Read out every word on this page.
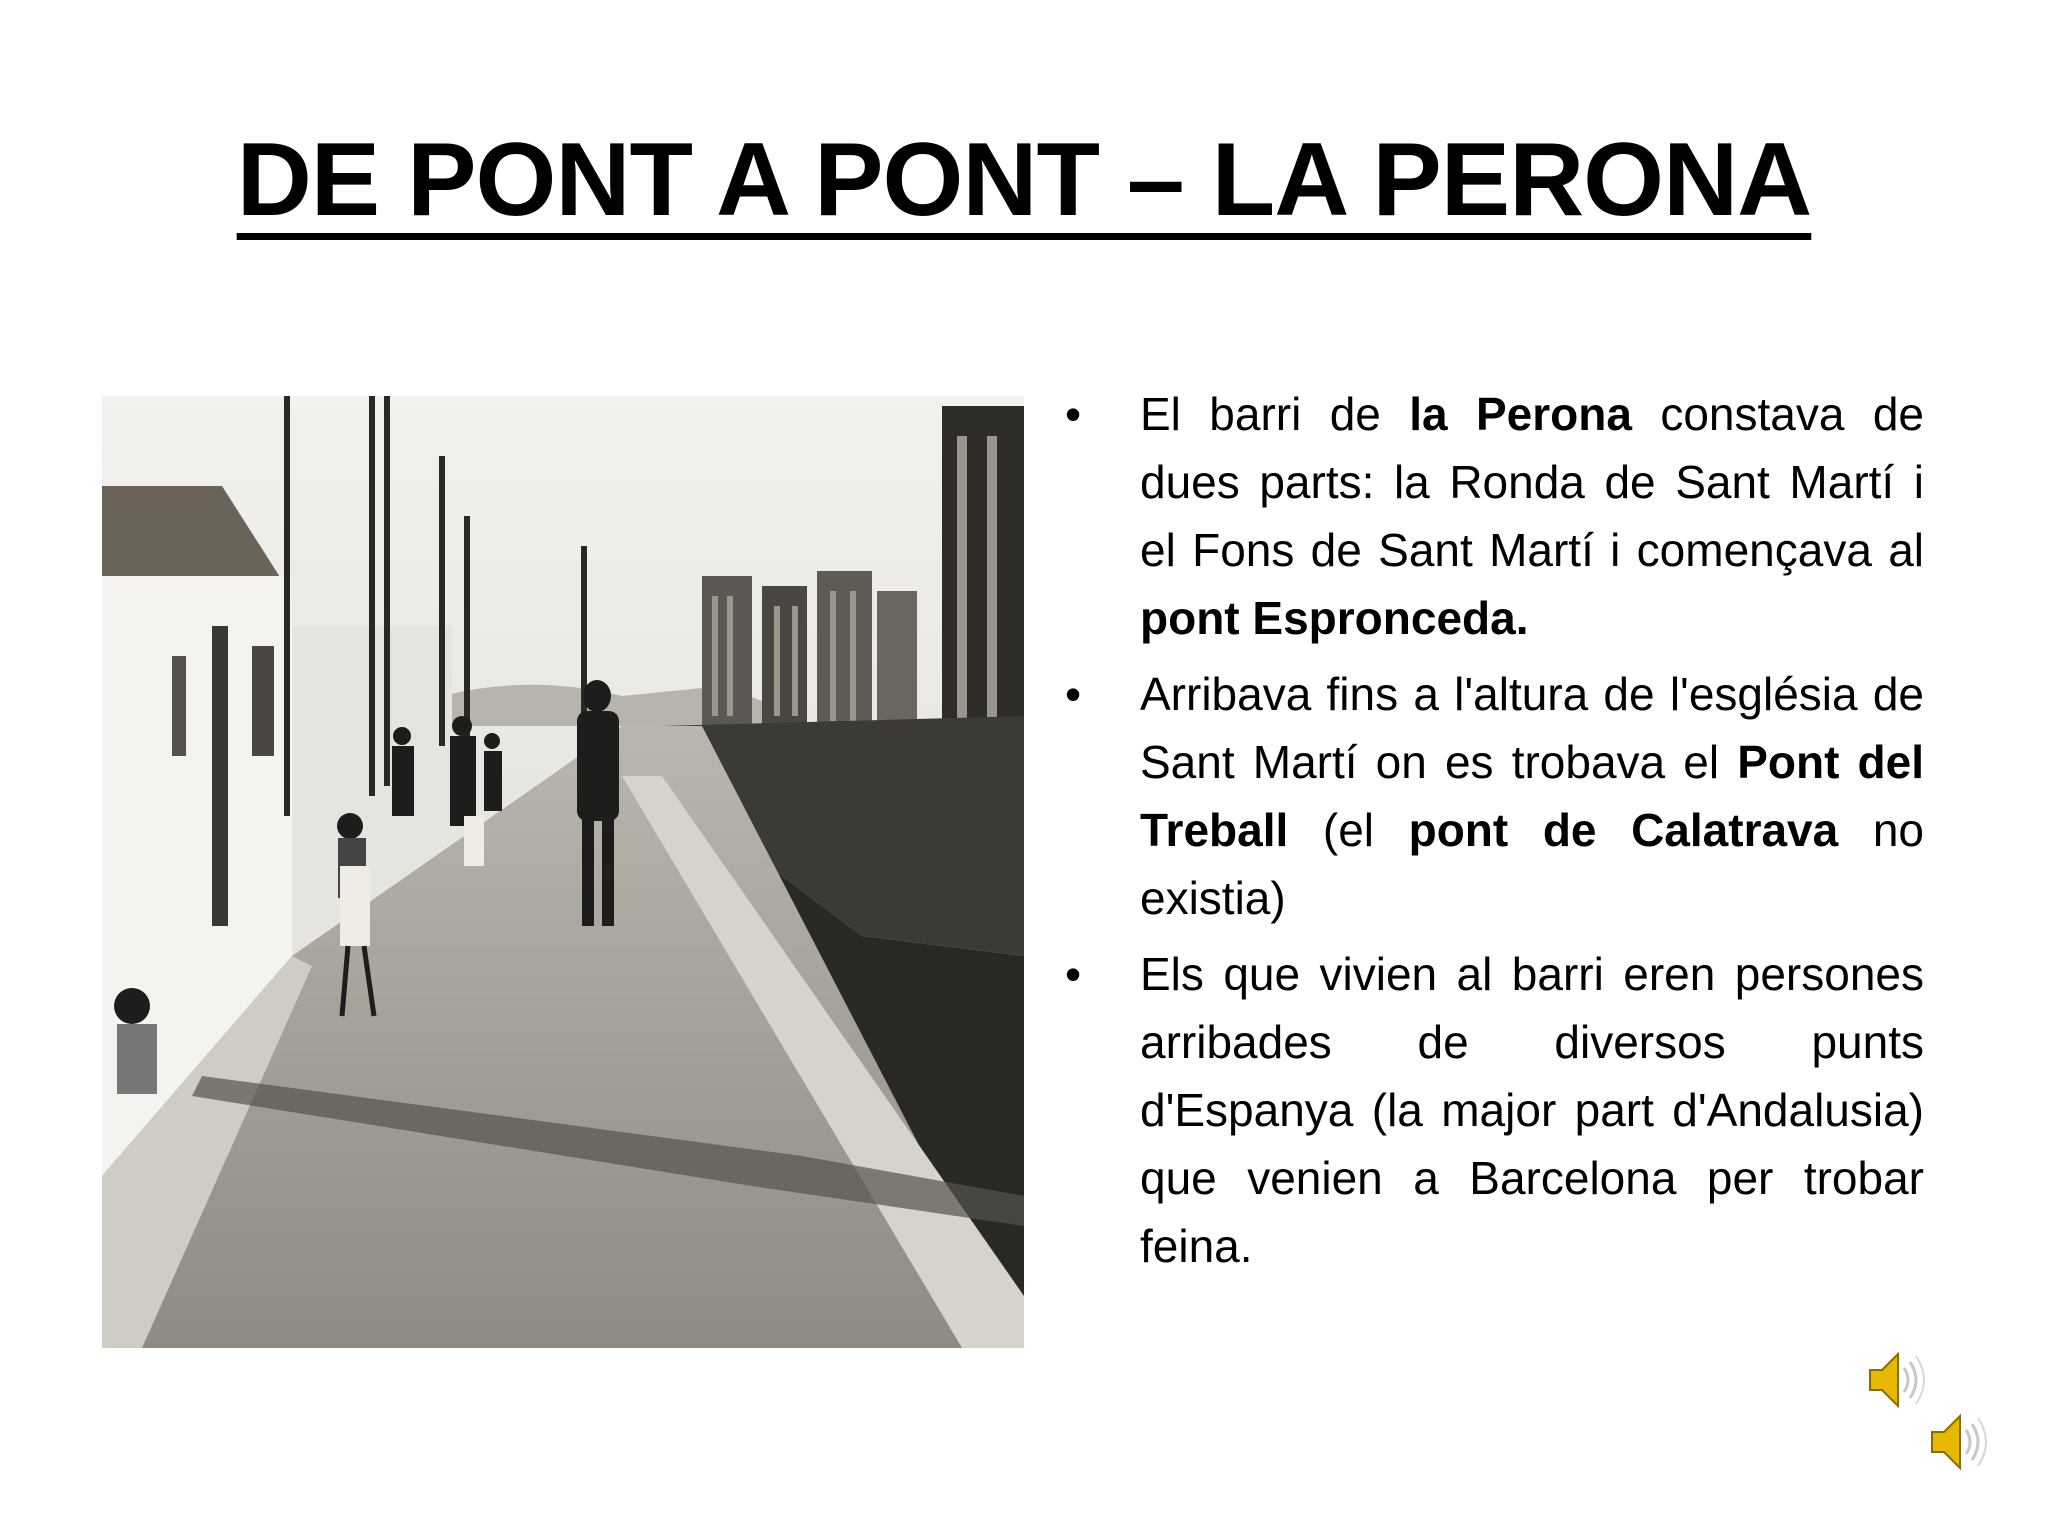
DE PONT A PONT – LA PERONA
• El barri de la Perona constava de dues parts: la Ronda de Sant Martí i el Fons de Sant Martí i començava al pont Espronceda.
• Arribava fins a l'altura de l'església de Sant Martí on es trobava el Pont del Treball (el pont de Calatrava no existia)
• Els que vivien al barri eren persones arribades de diversos punts d'Espanya (la major part d'Andalusia) que venien a Barcelona per trobar feina.
